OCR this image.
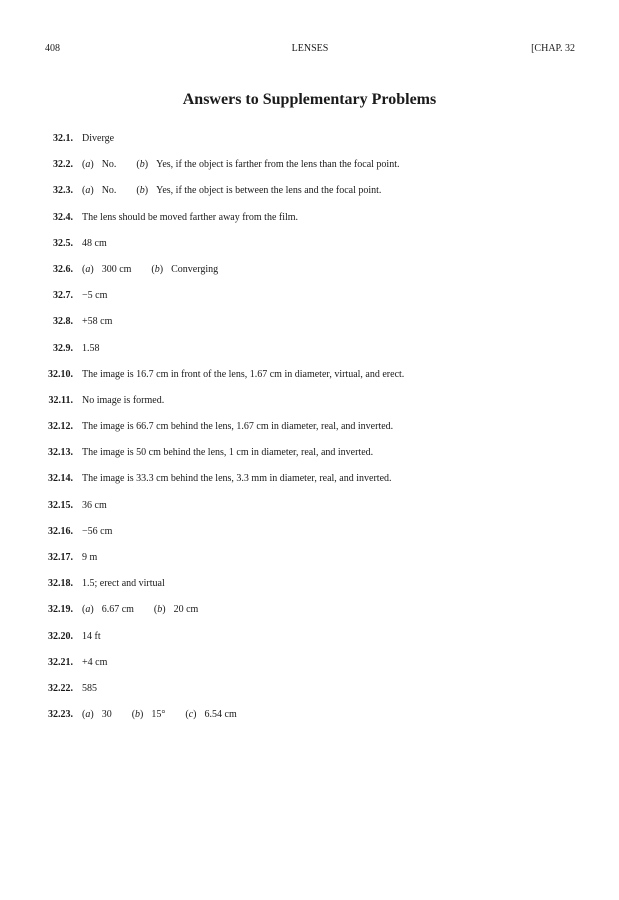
408	LENSES	[CHAP. 32
Answers to Supplementary Problems
32.1. Diverge
32.2. (a) No. (b) Yes, if the object is farther from the lens than the focal point.
32.3. (a) No. (b) Yes, if the object is between the lens and the focal point.
32.4. The lens should be moved farther away from the film.
32.5. 48 cm
32.6. (a) 300 cm (b) Converging
32.7. −5 cm
32.8. +58 cm
32.9. 1.58
32.10. The image is 16.7 cm in front of the lens, 1.67 cm in diameter, virtual, and erect.
32.11. No image is formed.
32.12. The image is 66.7 cm behind the lens, 1.67 cm in diameter, real, and inverted.
32.13. The image is 50 cm behind the lens, 1 cm in diameter, real, and inverted.
32.14. The image is 33.3 cm behind the lens, 3.3 mm in diameter, real, and inverted.
32.15. 36 cm
32.16. −56 cm
32.17. 9 m
32.18. 1.5; erect and virtual
32.19. (a) 6.67 cm (b) 20 cm
32.20. 14 ft
32.21. +4 cm
32.22. 585
32.23. (a) 30 (b) 15° (c) 6.54 cm
